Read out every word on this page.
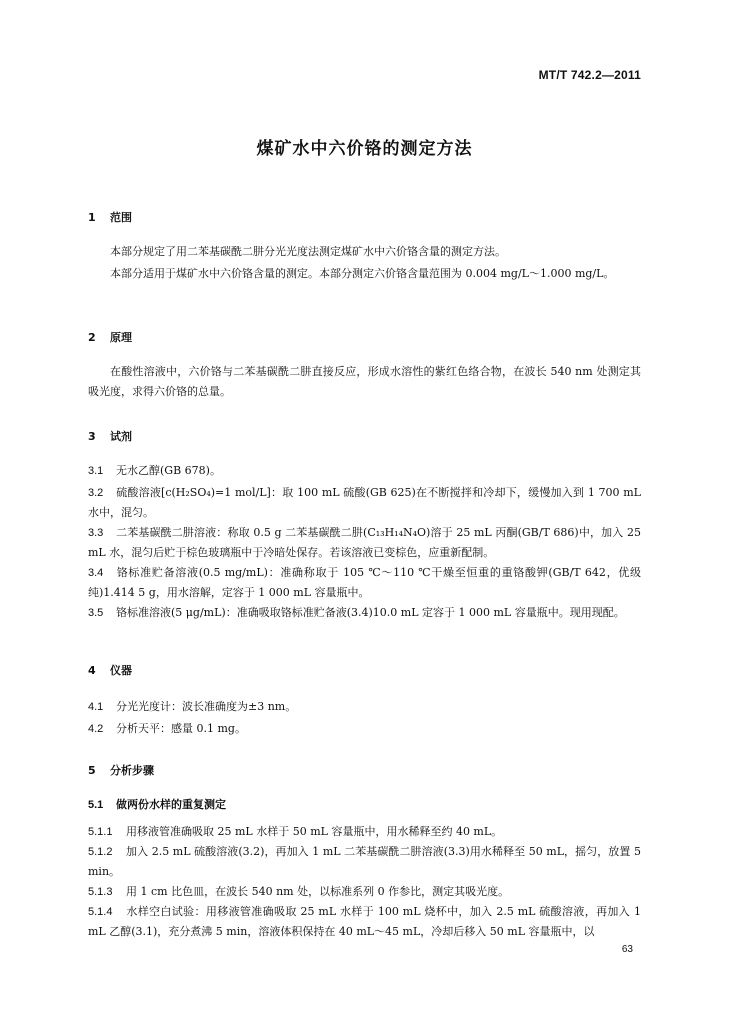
MT/T 742.2—2011
煤矿水中六价铬的测定方法
1 范围
本部分规定了用二苯基碳酰二肼分光光度法测定煤矿水中六价铬含量的测定方法。
本部分适用于煤矿水中六价铬含量的测定。本部分测定六价铬含量范围为 0.004 mg/L～1.000 mg/L。
2 原理
在酸性溶液中，六价铬与二苯基碳酰二肼直接反应，形成水溶性的紫红色络合物，在波长 540 nm 处测定其吸光度，求得六价铬的总量。
3 试剂
3.1 无水乙醇(GB 678)。
3.2 硫酸溶液[c(H₂SO₄)=1 mol/L]：取 100 mL 硫酸(GB 625)在不断搅拌和冷却下，缓慢加入到 1 700 mL 水中，混匀。
3.3 二苯基碳酰二肼溶液：称取 0.5 g 二苯基碳酰二肼(C₁₃H₁₄N₄O)溶于 25 mL 丙酮(GB/T 686)中，加入 25 mL 水，混匀后贮于棕色玻璃瓶中于冷暗处保存。若该溶液已变棕色，应重新配制。
3.4 铬标准贮备溶液(0.5 mg/mL)：准确称取于 105 ℃～110 ℃干燥至恒重的重铬酸钾(GB/T 642，优级纯)1.414 5 g，用水溶解，定容于 1 000 mL 容量瓶中。
3.5 铬标准溶液(5 μg/mL)：准确吸取铬标准贮备液(3.4)10.0 mL 定容于 1 000 mL 容量瓶中。现用现配。
4 仪器
4.1 分光光度计：波长准确度为±3 nm。
4.2 分析天平：感量 0.1 mg。
5 分析步骤
5.1 做两份水样的重复测定
5.1.1 用移液管准确吸取 25 mL 水样于 50 mL 容量瓶中，用水稀释至约 40 mL。
5.1.2 加入 2.5 mL 硫酸溶液(3.2)，再加入 1 mL 二苯基碳酰二肼溶液(3.3)用水稀释至 50 mL，摇匀，放置 5 min。
5.1.3 用 1 cm 比色皿，在波长 540 nm 处，以标准系列 0 作参比，测定其吸光度。
5.1.4 水样空白试验：用移液管准确吸取 25 mL 水样于 100 mL 烧杯中，加入 2.5 mL 硫酸溶液，再加入 1 mL 乙醇(3.1)，充分煮沸 5 min，溶液体积保持在 40 mL～45 mL，冷却后移入 50 mL 容量瓶中，以
63
